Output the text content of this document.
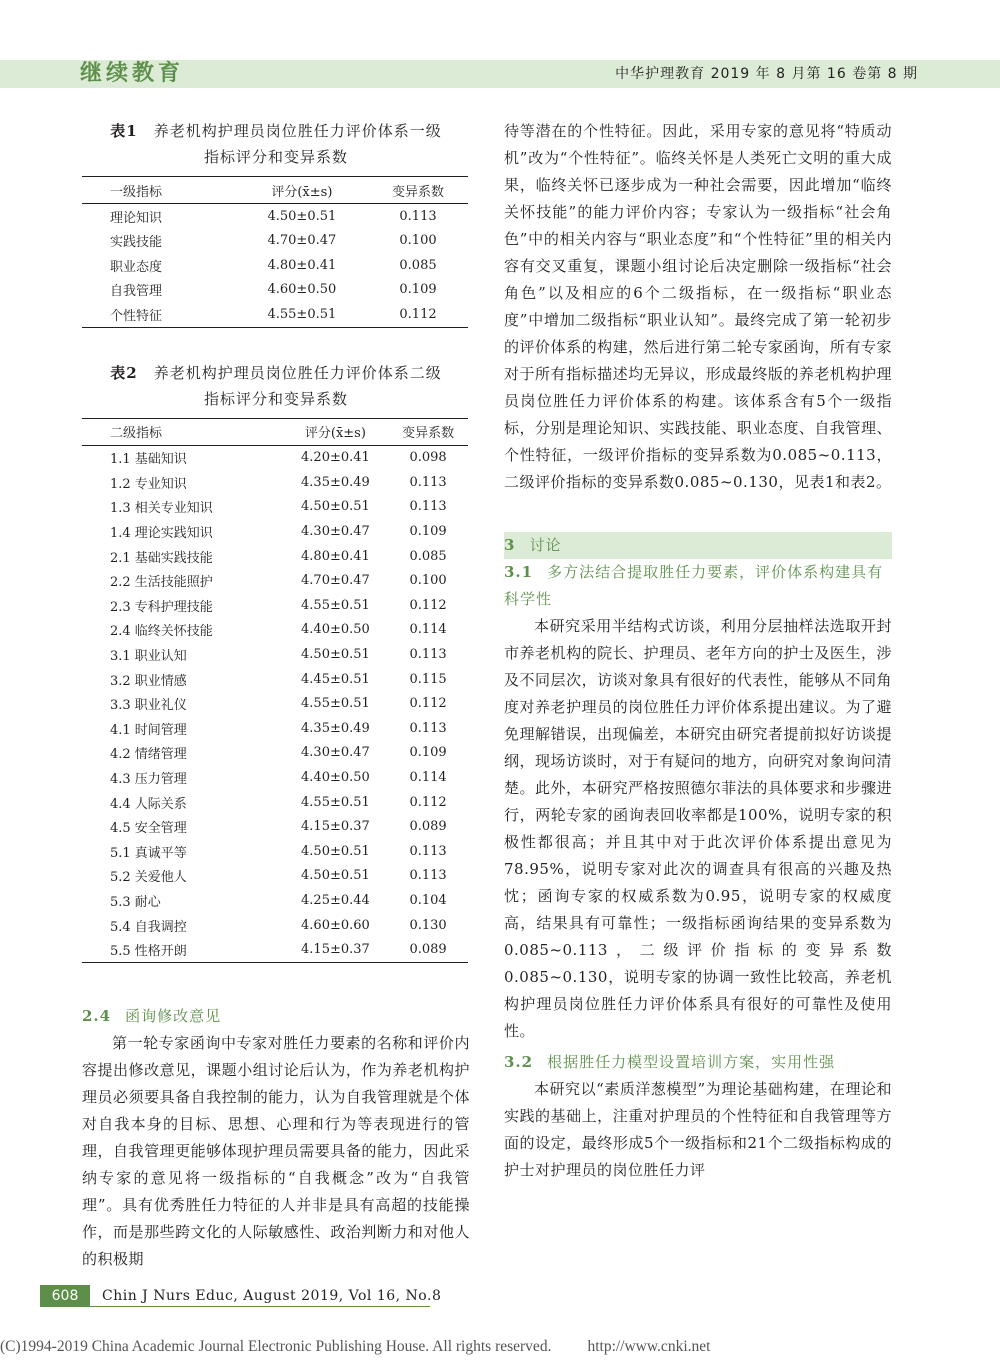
继续教育	中华护理教育 2019 年 8 月第 16 卷第 8 期
表1 养老机构护理员岗位胜任力评价体系一级
指标评分和变异系数
一级指标	评分(x̄±s)	变异系数
理论知识	4.50±0.51	0.113
实践技能	4.70±0.47	0.100
职业态度	4.80±0.41	0.085
自我管理	4.60±0.50	0.109
个性特征	4.55±0.51	0.112
表2 养老机构护理员岗位胜任力评价体系二级
指标评分和变异系数
二级指标	评分(x̄±s)	变异系数
1.1 基础知识	4.20±0.41	0.098
1.2 专业知识	4.35±0.49	0.113
1.3 相关专业知识	4.50±0.51	0.113
1.4 理论实践知识	4.30±0.47	0.109
2.1 基础实践技能	4.80±0.41	0.085
2.2 生活技能照护	4.70±0.47	0.100
2.3 专科护理技能	4.55±0.51	0.112
2.4 临终关怀技能	4.40±0.50	0.114
3.1 职业认知	4.50±0.51	0.113
3.2 职业情感	4.45±0.51	0.115
3.3 职业礼仪	4.55±0.51	0.112
4.1 时间管理	4.35±0.49	0.113
4.2 情绪管理	4.30±0.47	0.109
4.3 压力管理	4.40±0.50	0.114
4.4 人际关系	4.55±0.51	0.112
4.5 安全管理	4.15±0.37	0.089
5.1 真诚平等	4.50±0.51	0.113
5.2 关爱他人	4.50±0.51	0.113
5.3 耐心	4.25±0.44	0.104
5.4 自我调控	4.60±0.60	0.130
5.5 性格开朗	4.15±0.37	0.089
2.4 函询修改意见

第一轮专家函询中专家对胜任力要素的名称和评价内容提出修改意见，课题小组讨论后认为，作为养老机构护理员必须要具备自我控制的能力，认为自我管理就是个体对自我本身的目标、思想、心理和行为等表现进行的管理，自我管理更能够体现护理员需要具备的能力，因此采纳专家的意见将一级指标的“自我概念”改为“自我管理”。具有优秀胜任力特征的人并非是具有高超的技能操作，而是那些跨文化的人际敏感性、政治判断力和对他人的积极期

待等潜在的个性特征。因此，采用专家的意见将“特质动机”改为“个性特征”。临终关怀是人类死亡文明的重大成果，临终关怀已逐步成为一种社会需要，因此增加“临终关怀技能”的能力评价内容；专家认为一级指标“社会角色”中的相关内容与“职业态度”和“个性特征”里的相关内容有交叉重复，课题小组讨论后决定删除一级指标“社会角色”以及相应的6个二级指标，在一级指标“职业态度”中增加二级指标“职业认知”。最终完成了第一轮初步的评价体系的构建，然后进行第二轮专家函询，所有专家对于所有指标描述均无异议，形成最终版的养老机构护理员岗位胜任力评价体系的构建。该体系含有5个一级指标，分别是理论知识、实践技能、职业态度、自我管理、个性特征，一级评价指标的变异系数为0.085~0.113，二级评价指标的变异系数0.085~0.130，见表1和表2。

3 讨论
3.1 多方法结合提取胜任力要素，评价体系构建具有科学性

本研究采用半结构式访谈，利用分层抽样法选取开封市养老机构的院长、护理员、老年方向的护士及医生，涉及不同层次，访谈对象具有很好的代表性，能够从不同角度对养老护理员的岗位胜任力评价体系提出建议。为了避免理解错误，出现偏差，本研究由研究者提前拟好访谈提纲，现场访谈时，对于有疑问的地方，向研究对象询问清楚。此外，本研究严格按照德尔菲法的具体要求和步骤进行，两轮专家的函询表回收率都是100%，说明专家的积极性都很高；并且其中对于此次评价体系提出意见为78.95%，说明专家对此次的调查具有很高的兴趣及热忱；函询专家的权威系数为0.95，说明专家的权威度高，结果具有可靠性；一级指标函询结果的变异系数为0.085~0.113，二级评价指标的变异系数0.085~0.130，说明专家的协调一致性比较高，养老机构护理员岗位胜任力评价体系具有很好的可靠性及使用性。

3.2 根据胜任力模型设置培训方案，实用性强

本研究以“素质洋葱模型”为理论基础构建，在理论和实践的基础上，注重对护理员的个性特征和自我管理等方面的设定，最终形成5个一级指标和21个二级指标构成的护士对护理员的岗位胜任力评

608	Chin J Nurs Educ, August 2019, Vol 16, No.8
(C)1994-2019 China Academic Journal Electronic Publishing House. All rights reserved. http://www.cnki.net
